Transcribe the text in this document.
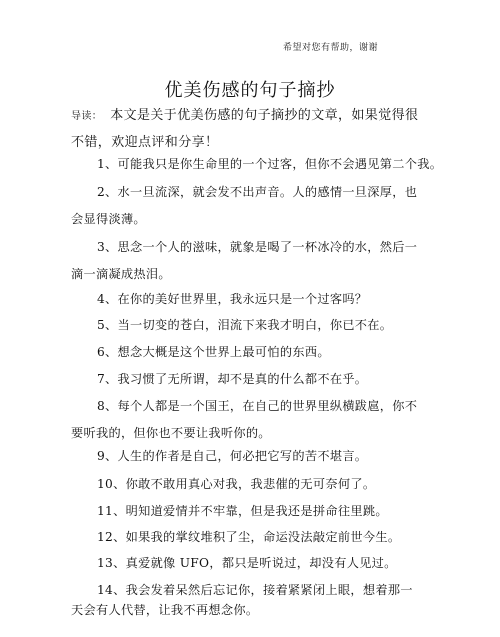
希望对您有帮助，谢谢
优美伤感的句子摘抄
导读： 本文是关于优美伤感的句子摘抄的文章，如果觉得很不错，欢迎点评和分享！
1、可能我只是你生命里的一个过客，但你不会遇见第二个我。
2、水一旦流深，就会发不出声音。人的感情一旦深厚，也会显得淡薄。
3、思念一个人的滋味，就象是喝了一杯冰冷的水，然后一滴一滴凝成热泪。
4、在你的美好世界里，我永远只是一个过客吗？
5、当一切变的苍白，泪流下来我才明白，你已不在。
6、想念大概是这个世界上最可怕的东西。
7、我习惯了无所谓，却不是真的什么都不在乎。
8、每个人都是一个国王，在自己的世界里纵横跋扈，你不要听我的，但你也不要让我听你的。
9、人生的作者是自己，何必把它写的苦不堪言。
10、你敢不敢用真心对我，我悲催的无可奈何了。
11、明知道爱情并不牢靠，但是我还是拼命往里跳。
12、如果我的掌纹堆积了尘，命运没法敲定前世今生。
13、真爱就像 UFO，都只是听说过，却没有人见过。
14、我会发着呆然后忘记你，接着紧紧闭上眼，想着那一天会有人代替，让我不再想念你。
